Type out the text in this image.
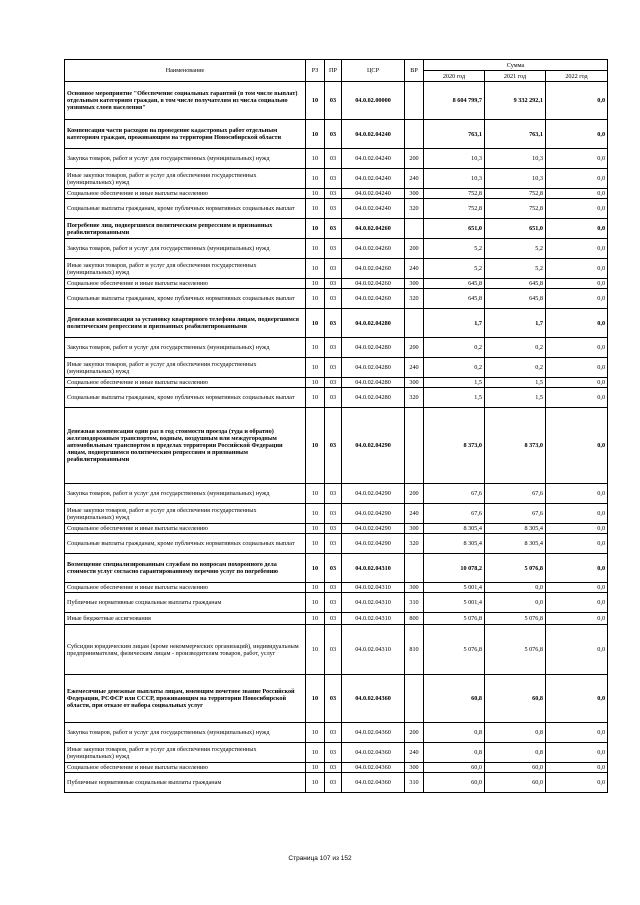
Наименование	РЗ	ПР	ЦСР	ВР	Сумма		
					2020 год	2021 год	2022 год
Основное мероприятие "Обеспечение социальных гарантий (в том числе выплат) отдельным категориям граждан, в том числе получателям из числа социально уязвимых слоев населения"	10	03	04.0.02.00000		8 604 799,7	9 332 292,1	0,0
Компенсация части расходов на проведение кадастровых работ отдельным категориям граждан, проживающим на территории Новосибирской области	10	03	04.0.02.04240		763,1	763,1	0,0
Закупка товаров, работ и услуг для государственных (муниципальных) нужд	10	03	04.0.02.04240	200	10,3	10,3	0,0
Иные закупки товаров, работ и услуг для обеспечения государственных (муниципальных) нужд	10	03	04.0.02.04240	240	10,3	10,3	0,0
Социальное обеспечение и иные выплаты населению	10	03	04.0.02.04240	300	752,8	752,8	0,0
Социальные выплаты гражданам, кроме публичных нормативных социальных выплат	10	03	04.0.02.04240	320	752,8	752,8	0,0
Погребение лиц, подвергшихся политическим репрессиям и признанных реабилитированными	10	03	04.0.02.04260		651,0	651,0	0,0
Закупка товаров, работ и услуг для государственных (муниципальных) нужд	10	03	04.0.02.04260	200	5,2	5,2	0,0
Иные закупки товаров, работ и услуг для обеспечения государственных (муниципальных) нужд	10	03	04.0.02.04260	240	5,2	5,2	0,0
Социальное обеспечение и иные выплаты населению	10	03	04.0.02.04260	300	645,8	645,8	0,0
Социальные выплаты гражданам, кроме публичных нормативных социальных выплат	10	03	04.0.02.04260	320	645,8	645,8	0,0
Денежная компенсация за установку квартирного телефона лицам, подвергшимся политическим репрессиям и признанных реабилитированными	10	03	04.0.02.04280		1,7	1,7	0,0
Закупка товаров, работ и услуг для государственных (муниципальных) нужд	10	03	04.0.02.04280	200	0,2	0,2	0,0
Иные закупки товаров, работ и услуг для обеспечения государственных (муниципальных) нужд	10	03	04.0.02.04280	240	0,2	0,2	0,0
Социальное обеспечение и иные выплаты населению	10	03	04.0.02.04280	300	1,5	1,5	0,0
Социальные выплаты гражданам, кроме публичных нормативных социальных выплат	10	03	04.0.02.04280	320	1,5	1,5	0,0
Денежная компенсация один раз в год стоимости проезда (туда и обратно) железнодорожным транспортом, водным, воздушным или междугородным автомобильным транспортом в пределах территории Российской Федерации лицам, подвергшимся политическим репрессиям и признанным реабилитированными	10	03	04.0.02.04290		8 373,0	8 373,0	0,0
Закупка товаров, работ и услуг для государственных (муниципальных) нужд	10	03	04.0.02.04290	200	67,6	67,6	0,0
Иные закупки товаров, работ и услуг для обеспечения государственных (муниципальных) нужд	10	03	04.0.02.04290	240	67,6	67,6	0,0
Социальное обеспечение и иные выплаты населению	10	03	04.0.02.04290	300	8 305,4	8 305,4	0,0
Социальные выплаты гражданам, кроме публичных нормативных социальных выплат	10	03	04.0.02.04290	320	8 305,4	8 305,4	0,0
Возмещение специализированным службам по вопросам похоронного дела стоимости услуг согласно гарантированному перечню услуг по погребению	10	03	04.0.02.04310		10 078,2	5 076,8	0,0
Социальное обеспечение и иные выплаты населению	10	03	04.0.02.04310	300	5 001,4	0,0	0,0
Публичные нормативные социальные выплаты гражданам	10	03	04.0.02.04310	310	5 001,4	0,0	0,0
Иные бюджетные ассигнования	10	03	04.0.02.04310	800	5 076,8	5 076,8	0,0
Субсидии юридическим лицам (кроме некоммерческих организаций), индивидуальным предпринимателям, физическим лицам - производителям товаров, работ, услуг	10	03	04.0.02.04310	810	5 076,8	5 076,8	0,0
Ежемесячные денежные выплаты лицам, имеющим почетное звание Российской Федерации, РСФСР или СССР, проживающим на территории Новосибирской области, при отказе от набора социальных услуг	10	03	04.0.02.04360		60,8	60,8	0,0
Закупка товаров, работ и услуг для государственных (муниципальных) нужд	10	03	04.0.02.04360	200	0,8	0,8	0,0
Иные закупки товаров, работ и услуг для обеспечения государственных (муниципальных) нужд	10	03	04.0.02.04360	240	0,8	0,8	0,0
Социальное обеспечение и иные выплаты населению	10	03	04.0.02.04360	300	60,0	60,0	0,0
Публичные нормативные социальные выплаты гражданам	10	03	04.0.02.04360	310	60,0	60,0	0,0
Страница 107 из 152
